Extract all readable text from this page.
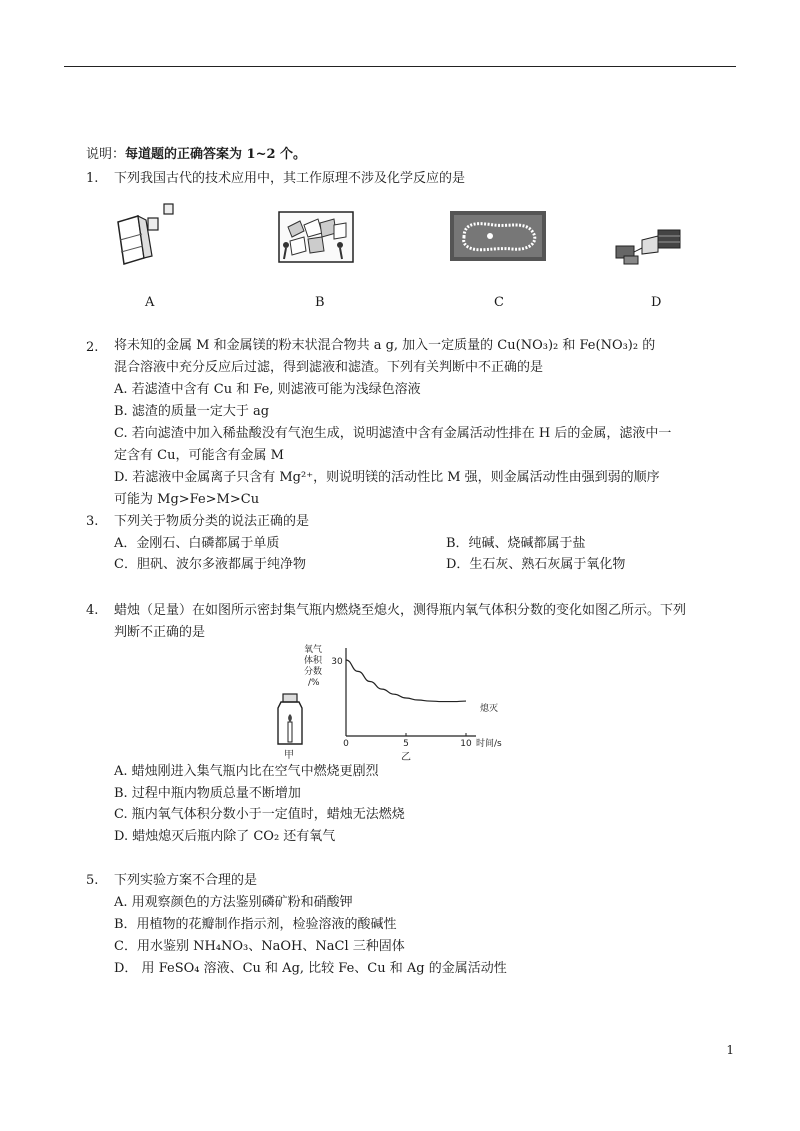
说明：每道题的正确答案为 1~2 个。
1. 下列我国古代的技术应用中，其工作原理不涉及化学反应的是
A	B	C	D
2. 将未知的金属 M 和金属镁的粉末状混合物共 a g, 加入一定质量的 Cu(NO₃)₂ 和 Fe(NO₃)₂ 的
混合溶液中充分反应后过滤，得到滤液和滤渣。下列有关判断中不正确的是
A. 若滤渣中含有 Cu 和 Fe, 则滤液可能为浅绿色溶液
B. 滤渣的质量一定大于 ag
C. 若向滤渣中加入稀盐酸没有气泡生成，说明滤渣中含有金属活动性排在 H 后的金属，滤液中一
定含有 Cu，可能含有金属 M
D. 若滤液中金属离子只含有 Mg²⁺，则说明镁的活动性比 M 强，则金属活动性由强到弱的顺序
可能为 Mg>Fe>M>Cu
3. 下列关于物质分类的说法正确的是
A．金刚石、白磷都属于单质	B．纯碱、烧碱都属于盐
C．胆矾、波尔多液都属于纯净物	D．生石灰、熟石灰属于氧化物
4. 蜡烛（足量）在如图所示密封集气瓶内燃烧至熄火，测得瓶内氧气体积分数的变化如图乙所示。下列
判断不正确的是
甲
氧气
体积
分数
/%
30
0	5	10 时间/s
熄灭
乙
A. 蜡烛刚进入集气瓶内比在空气中燃烧更剧烈
B. 过程中瓶内物质总量不断增加
C. 瓶内氧气体积分数小于一定值时，蜡烛无法燃烧
D. 蜡烛熄灭后瓶内除了 CO₂ 还有氧气
5. 下列实验方案不合理的是
A. 用观察颜色的方法鉴别磷矿粉和硝酸钾
B．用植物的花瓣制作指示剂，检验溶液的酸碱性
C．用水鉴别 NH₄NO₃、NaOH、NaCl 三种固体
D． 用 FeSO₄ 溶液、Cu 和 Ag, 比较 Fe、Cu 和 Ag 的金属活动性
1
